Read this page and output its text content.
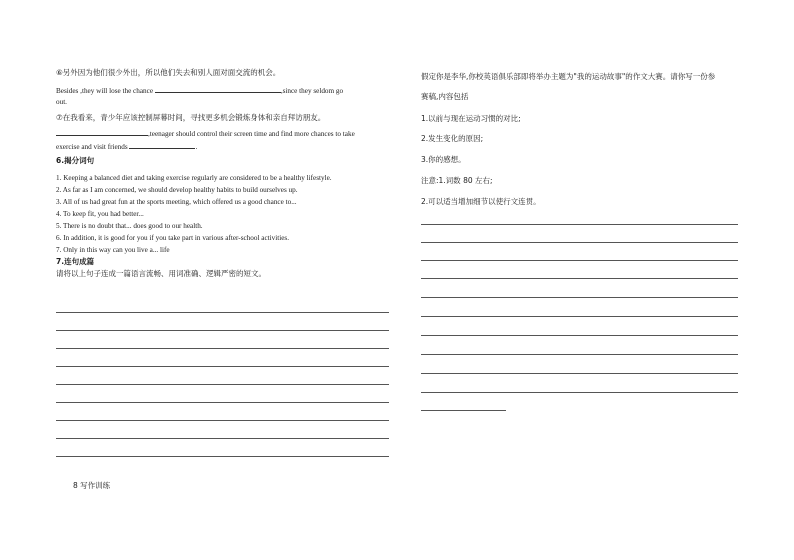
⑥另外因为他们很少外出，所以他们失去和别人面对面交流的机会。
Besides ,they will lose the chance	,since they seldom go
out.
⑦在我看来，青少年应该控制屏幕时间，寻找更多机会锻炼身体和亲自拜访朋友。
,teenager should control their screen time and find more chances to take
exercise and visit friends	.
6.揭分词句
1. Keeping a balanced diet and taking exercise regularly are considered to be a healthy lifestyle.
2. As far as I am concerned, we should develop healthy habits to build ourselves up.
3. All of us had great fun at the sports meeting, which offered us a good chance to...
4. To keep fit, you had better...
5. There is no doubt that... does good to our health.
6. In addition, it is good for you if you take part in various after-school activities.
7. Only in this way can you live a... life
7.连句成篇
请将以上句子连成一篇语言流畅、用词准确、逻辑严密的短文。
假定你是李华,你校英语俱乐部即将举办主题为"我的运动故事"的作文大赛。请你写一份参
赛稿,内容包括
1.以前与现在运动习惯的对比;
2.发生变化的原因;
3.你的感想。
注意:1.词数 80 左右;
2.可以适当增加细节以使行文连贯。
8 写作训练
